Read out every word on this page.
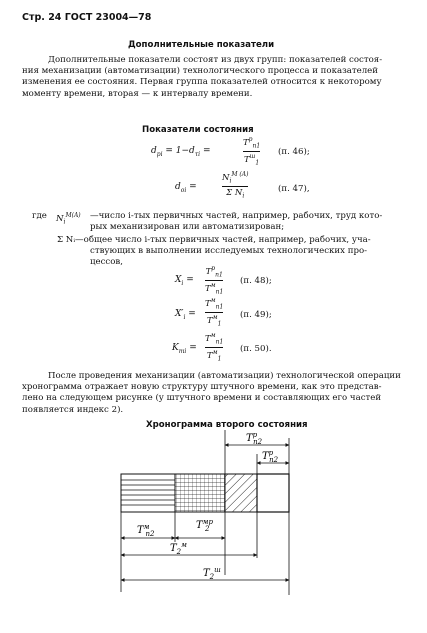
Стр. 24 ГОСТ 23004—78
Дополнительные показатели
Дополнительные показатели состоят из двух групп: показателей состоя-
ния механизации (автоматизации) технологического процесса и показателей
изменения ее состояния. Первая группа показателей относится к некоторому
моменту времени, вторая — к интервалу времени.
Показатели состояния
$d_{pi} = 1-d_{\tau i}$ =
$T^p_{n1}$
$T^ш_1$
(п. 46);
$d_{oi}$ =
$N_i^{M (A)}$
Σ $N_i$
(п. 47),
где $N_i^{M(A)}$ —число i-тых первичных частей, например, рабочих, труд кото-
рых механизирован или автоматизирован;
Σ Nᵢ—общее число i-тых первичных частей, например, рабочих, уча-
ствующих в выполнении исследуемых технологических про-
цессов,
$X_i$ =
$T^p_{n1}$
$T^м_{n1}$
(п. 48);
$X'_i$ =
$T^м_{n1}$
$T^м_1$
(п. 49);
$K_{mi}$ =
$T^м_{n1}$
$T^м_1$
(п. 50).
После проведения механизации (автоматизации) технологической операции
хронограмма отражает новую структуру штучного времени, как это представ-
лено на следующем рисунке (у штучного времени и составляющих его частей
появляется индекс 2).
Хронограмма второго состояния
$T^p$ n2
$T^p$ n2
$T^м$ n2
$T^{мр}$ 2
$T_2^м$
$T_2^ш$
